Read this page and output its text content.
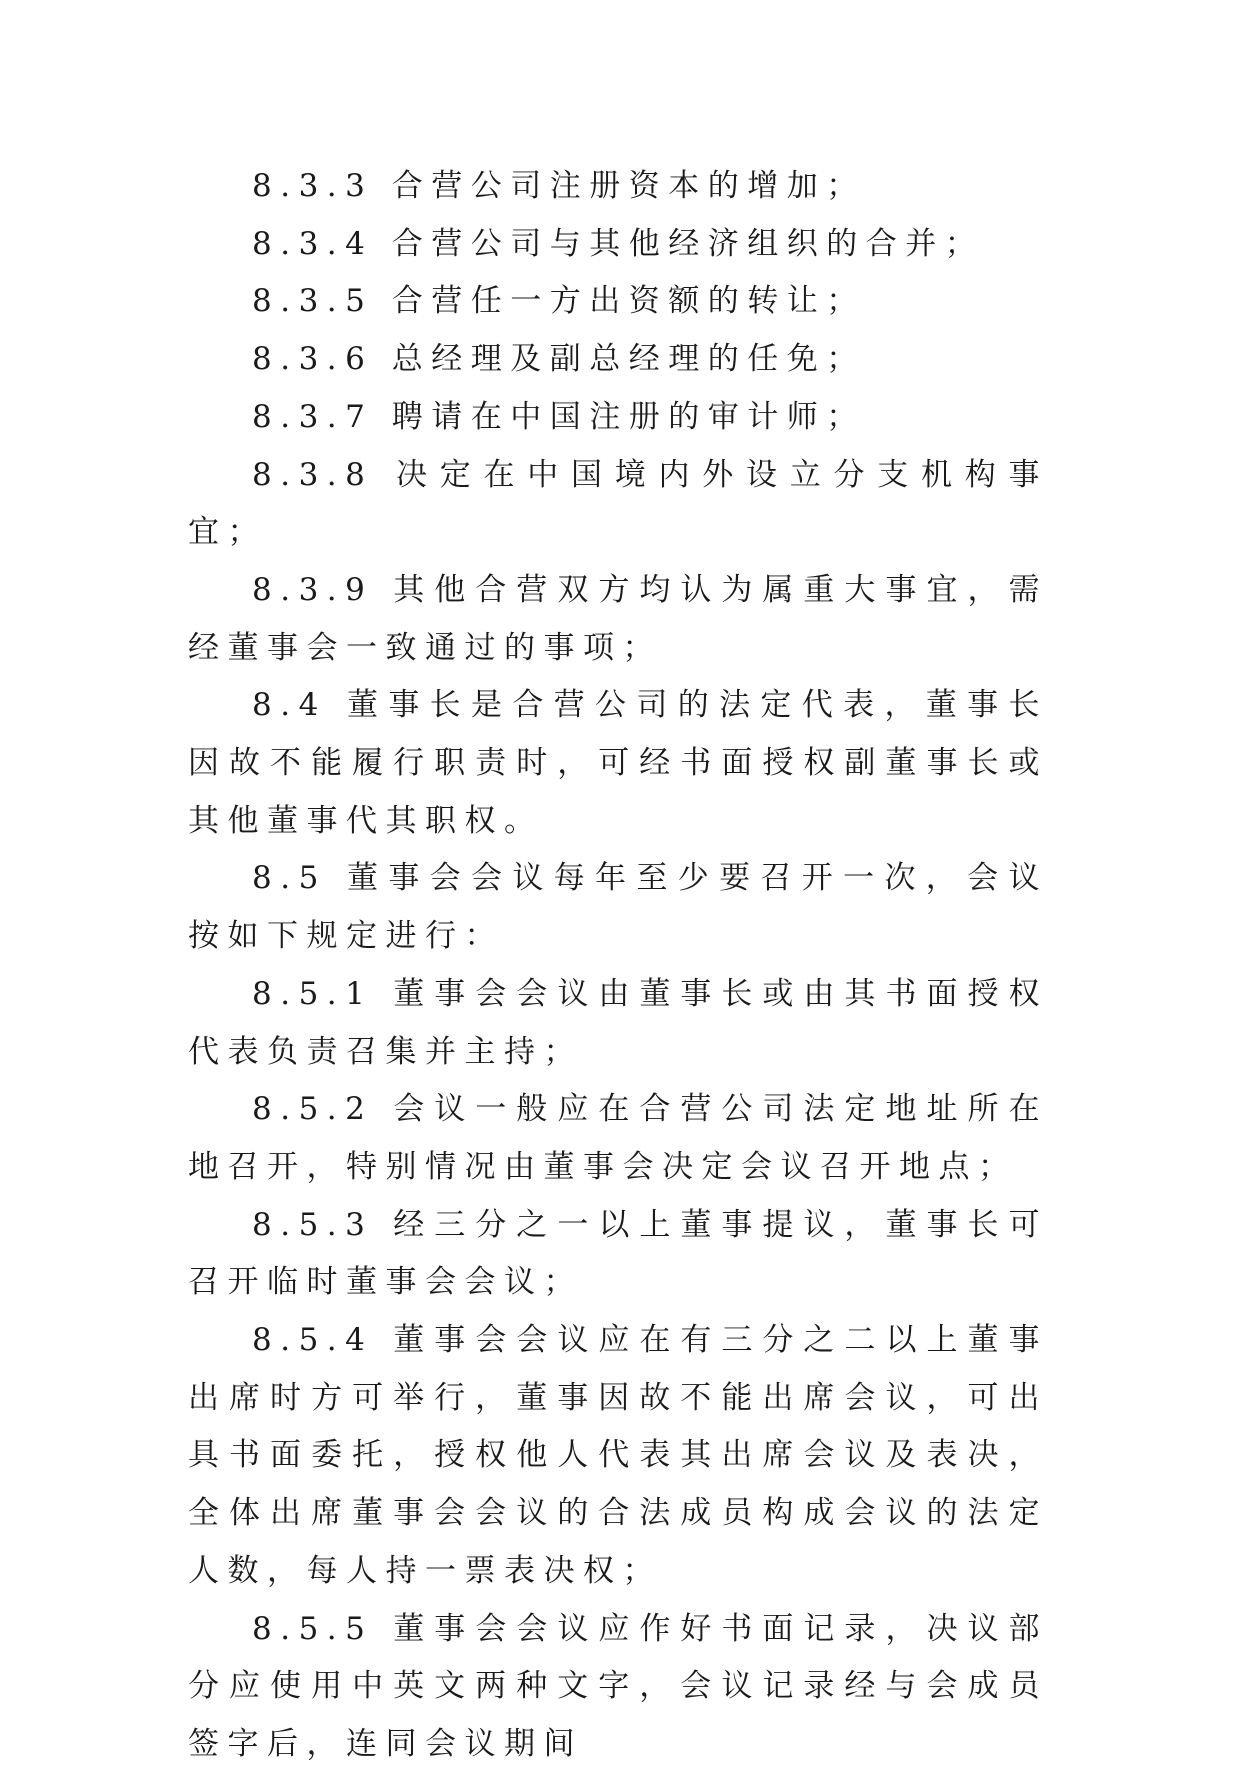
8.3.3 合营公司注册资本的增加；

8.3.4 合营公司与其他经济组织的合并；

8.3.5 合营任一方出资额的转让；

8.3.6 总经理及副总经理的任免；

8.3.7 聘请在中国注册的审计师；

8.3.8 决定在中国境内外设立分支机构事宜；

8.3.9 其他合营双方均认为属重大事宜，需经董事会一致通过的事项；

8.4 董事长是合营公司的法定代表，董事长因故不能履行职责时，可经书面授权副董事长或其他董事代其职权。

8.5 董事会会议每年至少要召开一次，会议按如下规定进行：

8.5.1 董事会会议由董事长或由其书面授权代表负责召集并主持；

8.5.2 会议一般应在合营公司法定地址所在地召开，特别情况由董事会决定会议召开地点；

8.5.3 经三分之一以上董事提议，董事长可召开临时董事会会议；

8.5.4 董事会会议应在有三分之二以上董事出席时方可举行，董事因故不能出席会议，可出具书面委托，授权他人代表其出席会议及表决，全体出席董事会会议的合法成员构成会议的法定人数，每人持一票表决权；

8.5.5 董事会会议应作好书面记录，决议部分应使用中英文两种文字，会议记录经与会成员签字后，连同会议期间
